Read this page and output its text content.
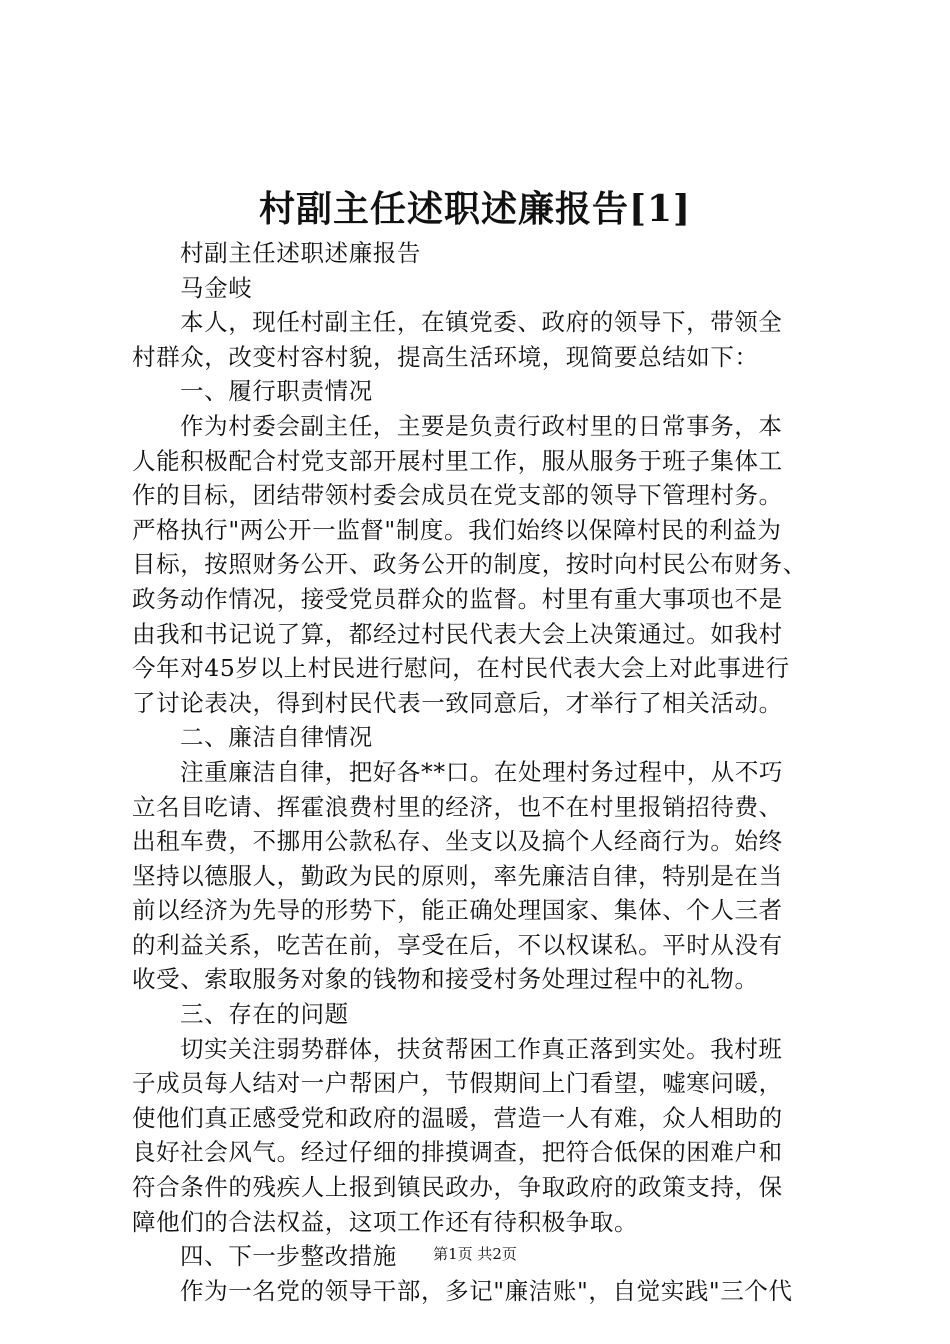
村副主任述职述廉报告[1]
村副主任述职述廉报告
马金岐
本人，现任村副主任，在镇党委、政府的领导下，带领全
村群众，改变村容村貌，提高生活环境，现简要总结如下：
一、履行职责情况
作为村委会副主任，主要是负责行政村里的日常事务，本
人能积极配合村党支部开展村里工作，服从服务于班子集体工
作的目标，团结带领村委会成员在党支部的领导下管理村务。
严格执行"两公开一监督"制度。我们始终以保障村民的利益为
目标，按照财务公开、政务公开的制度，按时向村民公布财务、
政务动作情况，接受党员群众的监督。村里有重大事项也不是
由我和书记说了算，都经过村民代表大会上决策通过。如我村
今年对45岁以上村民进行慰问，在村民代表大会上对此事进行
了讨论表决，得到村民代表一致同意后，才举行了相关活动。
二、廉洁自律情况
注重廉洁自律，把好各**口。在处理村务过程中，从不巧
立名目吃请、挥霍浪费村里的经济，也不在村里报销招待费、
出租车费，不挪用公款私存、坐支以及搞个人经商行为。始终
坚持以德服人，勤政为民的原则，率先廉洁自律，特别是在当
前以经济为先导的形势下，能正确处理国家、集体、个人三者
的利益关系，吃苦在前，享受在后，不以权谋私。平时从没有
收受、索取服务对象的钱物和接受村务处理过程中的礼物。
三、存在的问题
切实关注弱势群体，扶贫帮困工作真正落到实处。我村班
子成员每人结对一户帮困户，节假期间上门看望，嘘寒问暖，
使他们真正感受党和政府的温暖，营造一人有难，众人相助的
良好社会风气。经过仔细的排摸调查，把符合低保的困难户和
符合条件的残疾人上报到镇民政办，争取政府的政策支持，保
障他们的合法权益，这项工作还有待积极争取。
四、下一步整改措施
作为一名党的领导干部，多记"廉洁账"，自觉实践"三个代
第1页 共2页
